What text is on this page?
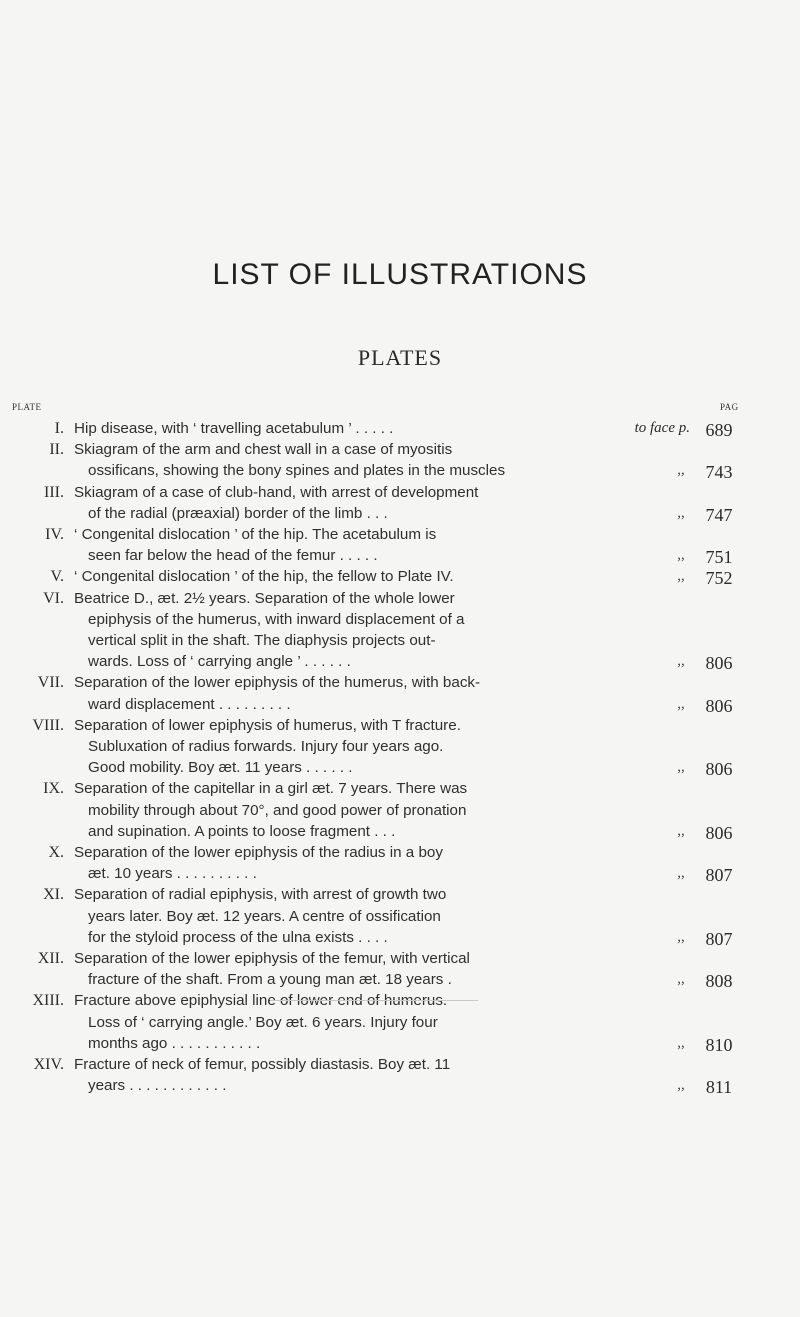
LIST OF ILLUSTRATIONS
PLATES
PLATE	PAG
I. Hip disease, with ‘ travelling acetabulum ’ . . . . .	to face p. 689
II. Skiagram of the arm and chest wall in a case of myositis
ossificans, showing the bony spines and plates in the muscles	,,	743
III. Skiagram of a case of club-hand, with arrest of development
of the radial (præaxial) border of the limb . . .	,,	747
IV. ‘ Congenital dislocation ’ of the hip. The acetabulum is
seen far below the head of the femur . . . . .	,,	751
V. ‘ Congenital dislocation ’ of the hip, the fellow to Plate IV.	,,	752
VI. Beatrice D., æt. 2½ years. Separation of the whole lower
epiphysis of the humerus, with inward displacement of a
vertical split in the shaft. The diaphysis projects out-
wards. Loss of ‘ carrying angle ’ . . . . . .	,,	806
VII. Separation of the lower epiphysis of the humerus, with back-
ward displacement . . . . . . . . .	,,	806
VIII. Separation of lower epiphysis of humerus, with T fracture.
Subluxation of radius forwards. Injury four years ago.
Good mobility. Boy æt. 11 years . . . . . .	,,	806
IX. Separation of the capitellar in a girl æt. 7 years. There was
mobility through about 70°, and good power of pronation
and supination. A points to loose fragment . . .	,,	806
X. Separation of the lower epiphysis of the radius in a boy
æt. 10 years . . . . . . . . . .	,,	807
XI. Separation of radial epiphysis, with arrest of growth two
years later. Boy æt. 12 years. A centre of ossification
for the styloid process of the ulna exists . . . .	,,	807
XII. Separation of the lower epiphysis of the femur, with vertical
fracture of the shaft. From a young man æt. 18 years .	,,	808
XIII. Fracture above epiphysial line of lower end of humerus.
Loss of ‘ carrying angle.’ Boy æt. 6 years. Injury four
months ago . . . . . . . . . . .	,,	810
XIV. Fracture of neck of femur, possibly diastasis. Boy æt. 11
years . . . . . . . . . . . .	,,	811
